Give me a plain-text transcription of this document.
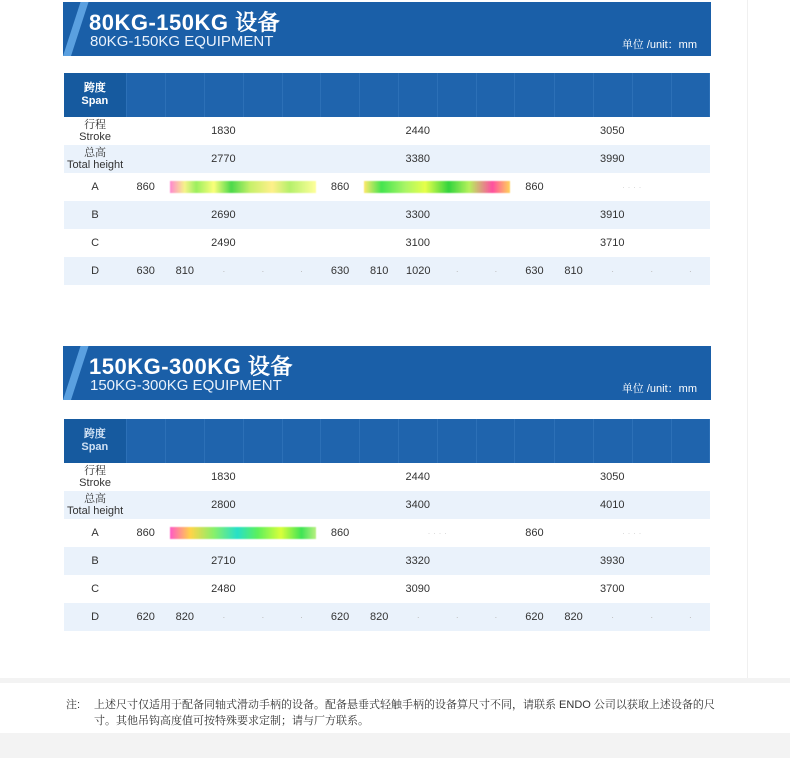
80KG-150KG 设备
80KG-150KG EQUIPMENT	单位 /unit：mm
跨度
Span															
行程
Stroke	1830					2440					3050				
总高
Total height	2770					3380					3990				
A	860					860					860	· · · ·			
B	2690					3300					3910				
C	2490					3100					3710				
D	630	810	·	·	·	630	810	1020	·	·	630	810	·	·	·
150KG-300KG 设备
150KG-300KG EQUIPMENT	单位 /unit：mm
跨度
Span															
行程
Stroke	1830					2440					3050				
总高
Total height	2800					3400					4010				
A	860					860	· · · ·				860	· · · ·			
B	2710					3320					3930				
C	2480					3090					3700				
D	620	820	·	·	·	620	820	·	·	·	620	820	·	·	·
注: 上述尺寸仅适用于配备同轴式滑动手柄的设备。配备悬垂式轻触手柄的设备算尺寸不同，请联系 ENDO 公司以获取上述设备的尺寸。其他吊钩高度值可按特殊要求定制；请与厂方联系。
